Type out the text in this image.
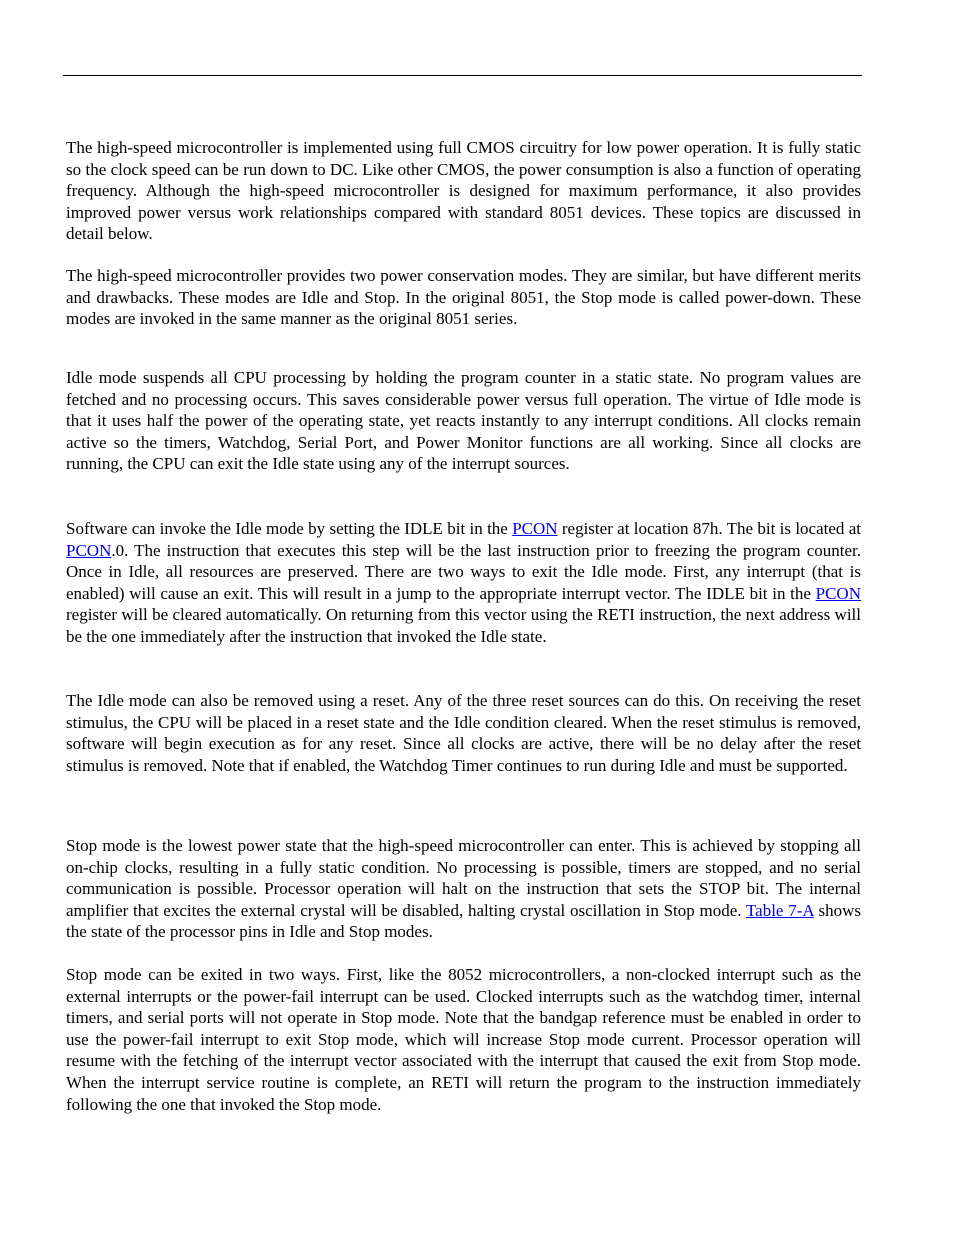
The high-speed microcontroller is implemented using full CMOS circuitry for low power operation. It is fully static so the clock speed can be run down to DC. Like other CMOS, the power consumption is also a function of operating frequency. Although the high-speed microcontroller is designed for maximum performance, it also provides improved power versus work relationships compared with standard 8051 devices. These topics are discussed in detail below.

The high-speed microcontroller provides two power conservation modes. They are similar, but have different merits and drawbacks. These modes are Idle and Stop. In the original 8051, the Stop mode is called power-down. These modes are invoked in the same manner as the original 8051 series.

Idle mode suspends all CPU processing by holding the program counter in a static state. No program values are fetched and no processing occurs. This saves considerable power versus full operation. The virtue of Idle mode is that it uses half the power of the operating state, yet reacts instantly to any interrupt conditions. All clocks remain active so the timers, Watchdog, Serial Port, and Power Monitor functions are all working. Since all clocks are running, the CPU can exit the Idle state using any of the interrupt sources.

Software can invoke the Idle mode by setting the IDLE bit in the PCON register at location 87h. The bit is located at PCON.0. The instruction that executes this step will be the last instruction prior to freezing the program counter. Once in Idle, all resources are preserved. There are two ways to exit the Idle mode. First, any interrupt (that is enabled) will cause an exit. This will result in a jump to the appropriate interrupt vector. The IDLE bit in the PCON register will be cleared automatically. On returning from this vector using the RETI instruction, the next address will be the one immediately after the instruction that invoked the Idle state.

The Idle mode can also be removed using a reset. Any of the three reset sources can do this. On receiving the reset stimulus, the CPU will be placed in a reset state and the Idle condition cleared. When the reset stimulus is removed, software will begin execution as for any reset. Since all clocks are active, there will be no delay after the reset stimulus is removed. Note that if enabled, the Watchdog Timer continues to run during Idle and must be supported.

Stop mode is the lowest power state that the high-speed microcontroller can enter. This is achieved by stopping all on-chip clocks, resulting in a fully static condition. No processing is possible, timers are stopped, and no serial communication is possible. Processor operation will halt on the instruction that sets the STOP bit. The internal amplifier that excites the external crystal will be disabled, halting crystal oscillation in Stop mode. Table 7-A shows the state of the processor pins in Idle and Stop modes.

Stop mode can be exited in two ways. First, like the 8052 microcontrollers, a non-clocked interrupt such as the external interrupts or the power-fail interrupt can be used. Clocked interrupts such as the watchdog timer, internal timers, and serial ports will not operate in Stop mode. Note that the bandgap reference must be enabled in order to use the power-fail interrupt to exit Stop mode, which will increase Stop mode current. Processor operation will resume with the fetching of the interrupt vector associated with the interrupt that caused the exit from Stop mode. When the interrupt service routine is complete, an RETI will return the program to the instruction immediately following the one that invoked the Stop mode.
